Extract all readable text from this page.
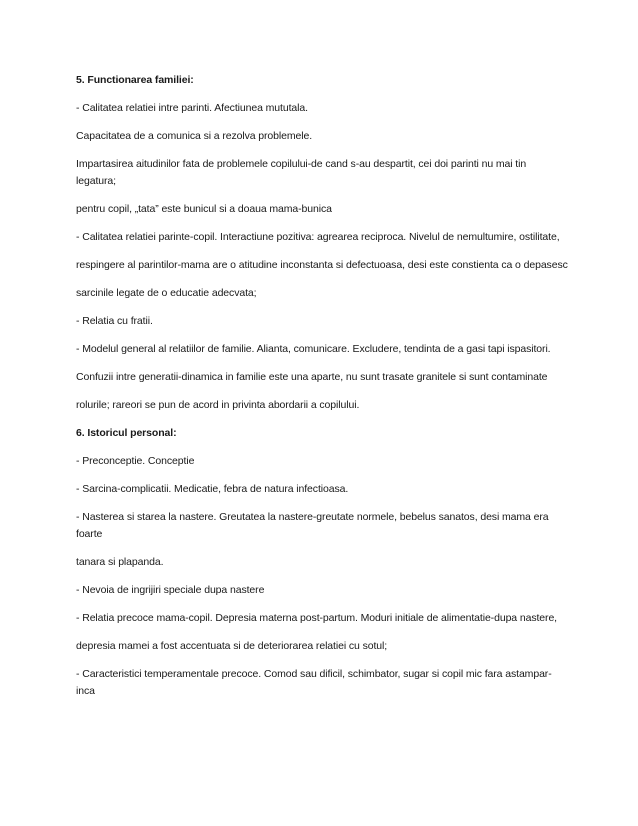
5. Functionarea familiei:

- Calitatea relatiei intre parinti. Afectiunea mututala.

Capacitatea de a comunica si a rezolva problemele.

Impartasirea aitudinilor fata de problemele copilului-de cand s-au despartit, cei doi parinti nu mai tin legatura;

pentru copil, „tata” este bunicul si a doaua mama-bunica

- Calitatea relatiei parinte-copil. Interactiune pozitiva: agrearea reciproca. Nivelul de nemultumire, ostilitate,

respingere al parintilor-mama are o atitudine inconstanta si defectuoasa, desi este constienta ca o depasesc

sarcinile legate de o educatie adecvata;

- Relatia cu fratii.

- Modelul general al relatiilor de familie. Alianta, comunicare. Excludere, tendinta de a gasi tapi ispasitori.

Confuzii intre generatii-dinamica in familie este una aparte, nu sunt trasate granitele si sunt contaminate

rolurile; rareori se pun de acord in privinta abordarii a copilului.

6. Istoricul personal:

- Preconceptie. Conceptie

- Sarcina-complicatii. Medicatie, febra de natura infectioasa.

- Nasterea si starea la nastere. Greutatea la nastere-greutate normele, bebelus sanatos, desi mama era foarte

tanara si plapanda.

- Nevoia de ingrijiri speciale dupa nastere

- Relatia precoce mama-copil. Depresia materna post-partum. Moduri initiale de alimentatie-dupa nastere,

depresia mamei a fost accentuata si de deteriorarea relatiei cu sotul;

- Caracteristici temperamentale precoce. Comod sau dificil, schimbator, sugar si copil mic fara astampar-inca
